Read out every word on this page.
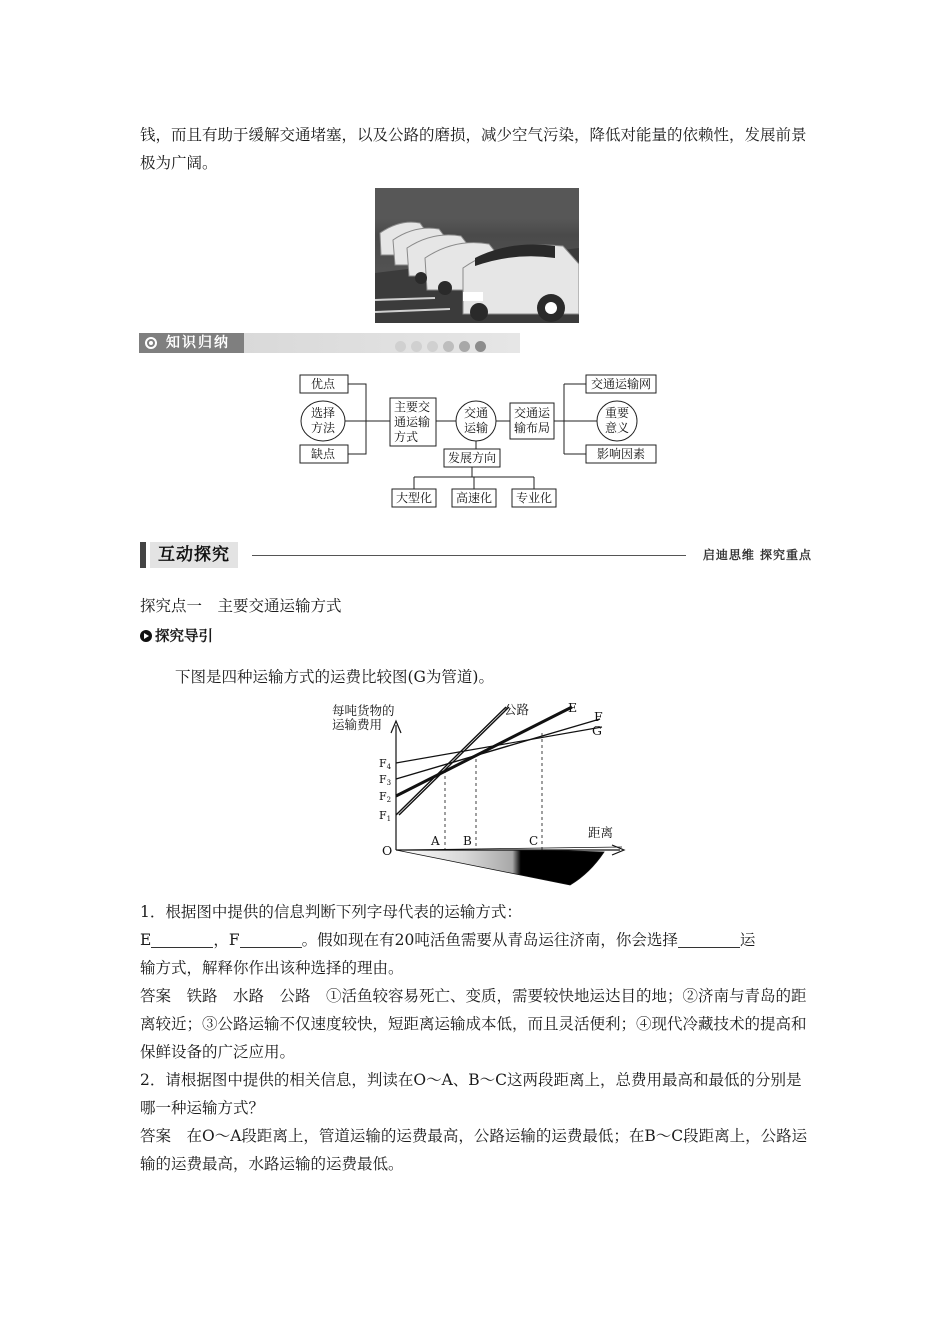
钱，而且有助于缓解交通堵塞，以及公路的磨损，减少空气污染，降低对能量的依赖性，发展前景极为广阔。
知识归纳
优点
选择
方法
缺点
主要交
通运输
方式
交通
运输
交通运
输布局
交通运输网
重要
意义
影响因素
发展方向
大型化 高速化 专业化
互动探究	启迪思维 探究重点
探究点一　主要交通运输方式
探究导引
下图是四种运输方式的运费比较图(G为管道)。
公路	E
F
G
每吨货物的
运输费用
距离
O
F4
F3
F2
F1
A B	C
1．根据图中提供的信息判断下列字母代表的运输方式：
E	，F	。假如现在有20吨活鱼需要从青岛运往济南，你会选择	运
输方式，解释你作出该种选择的理由。
答案　铁路　水路　公路　①活鱼较容易死亡、变质，需要较快地运达目的地；②济南与青岛的距离较近；③公路运输不仅速度较快，短距离运输成本低，而且灵活便利；④现代冷藏技术的提高和保鲜设备的广泛应用。
2．请根据图中提供的相关信息，判读在O～A、B～C这两段距离上，总费用最高和最低的分别是哪一种运输方式？
答案　在O～A段距离上，管道运输的运费最高，公路运输的运费最低；在B～C段距离上，公路运输的运费最高，水路运输的运费最低。
